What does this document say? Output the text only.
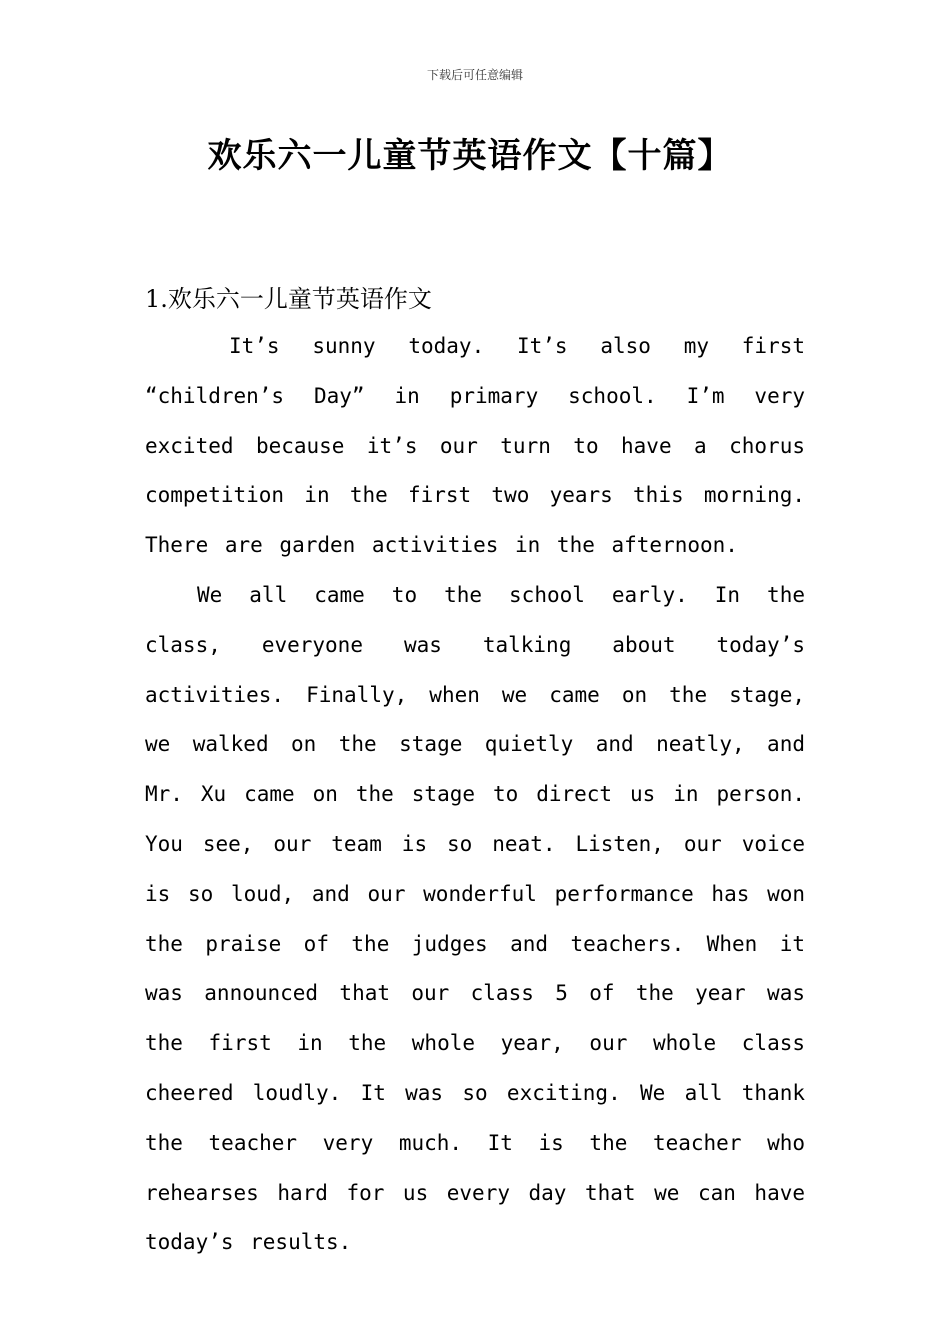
下载后可任意编辑
欢乐六一儿童节英语作文【十篇】
1.欢乐六一儿童节英语作文

It’s sunny today. It’s also my first “children’s Day” in primary school. I’m very excited because it’s our turn to have a chorus competition in the first two years this morning. There are garden activities in the afternoon.

We all came to the school early. In the class, everyone was talking about today’s activities. Finally, when we came on the stage, we walked on the stage quietly and neatly, and Mr. Xu came on the stage to direct us in person. You see, our team is so neat. Listen, our voice is so loud, and our wonderful performance has won the praise of the judges and teachers. When it was announced that our class 5 of the year was the first in the whole year, our whole class cheered loudly. It was so exciting. We all thank the teacher very much. It is the teacher who rehearses hard for us every day that we can have today’s results.
